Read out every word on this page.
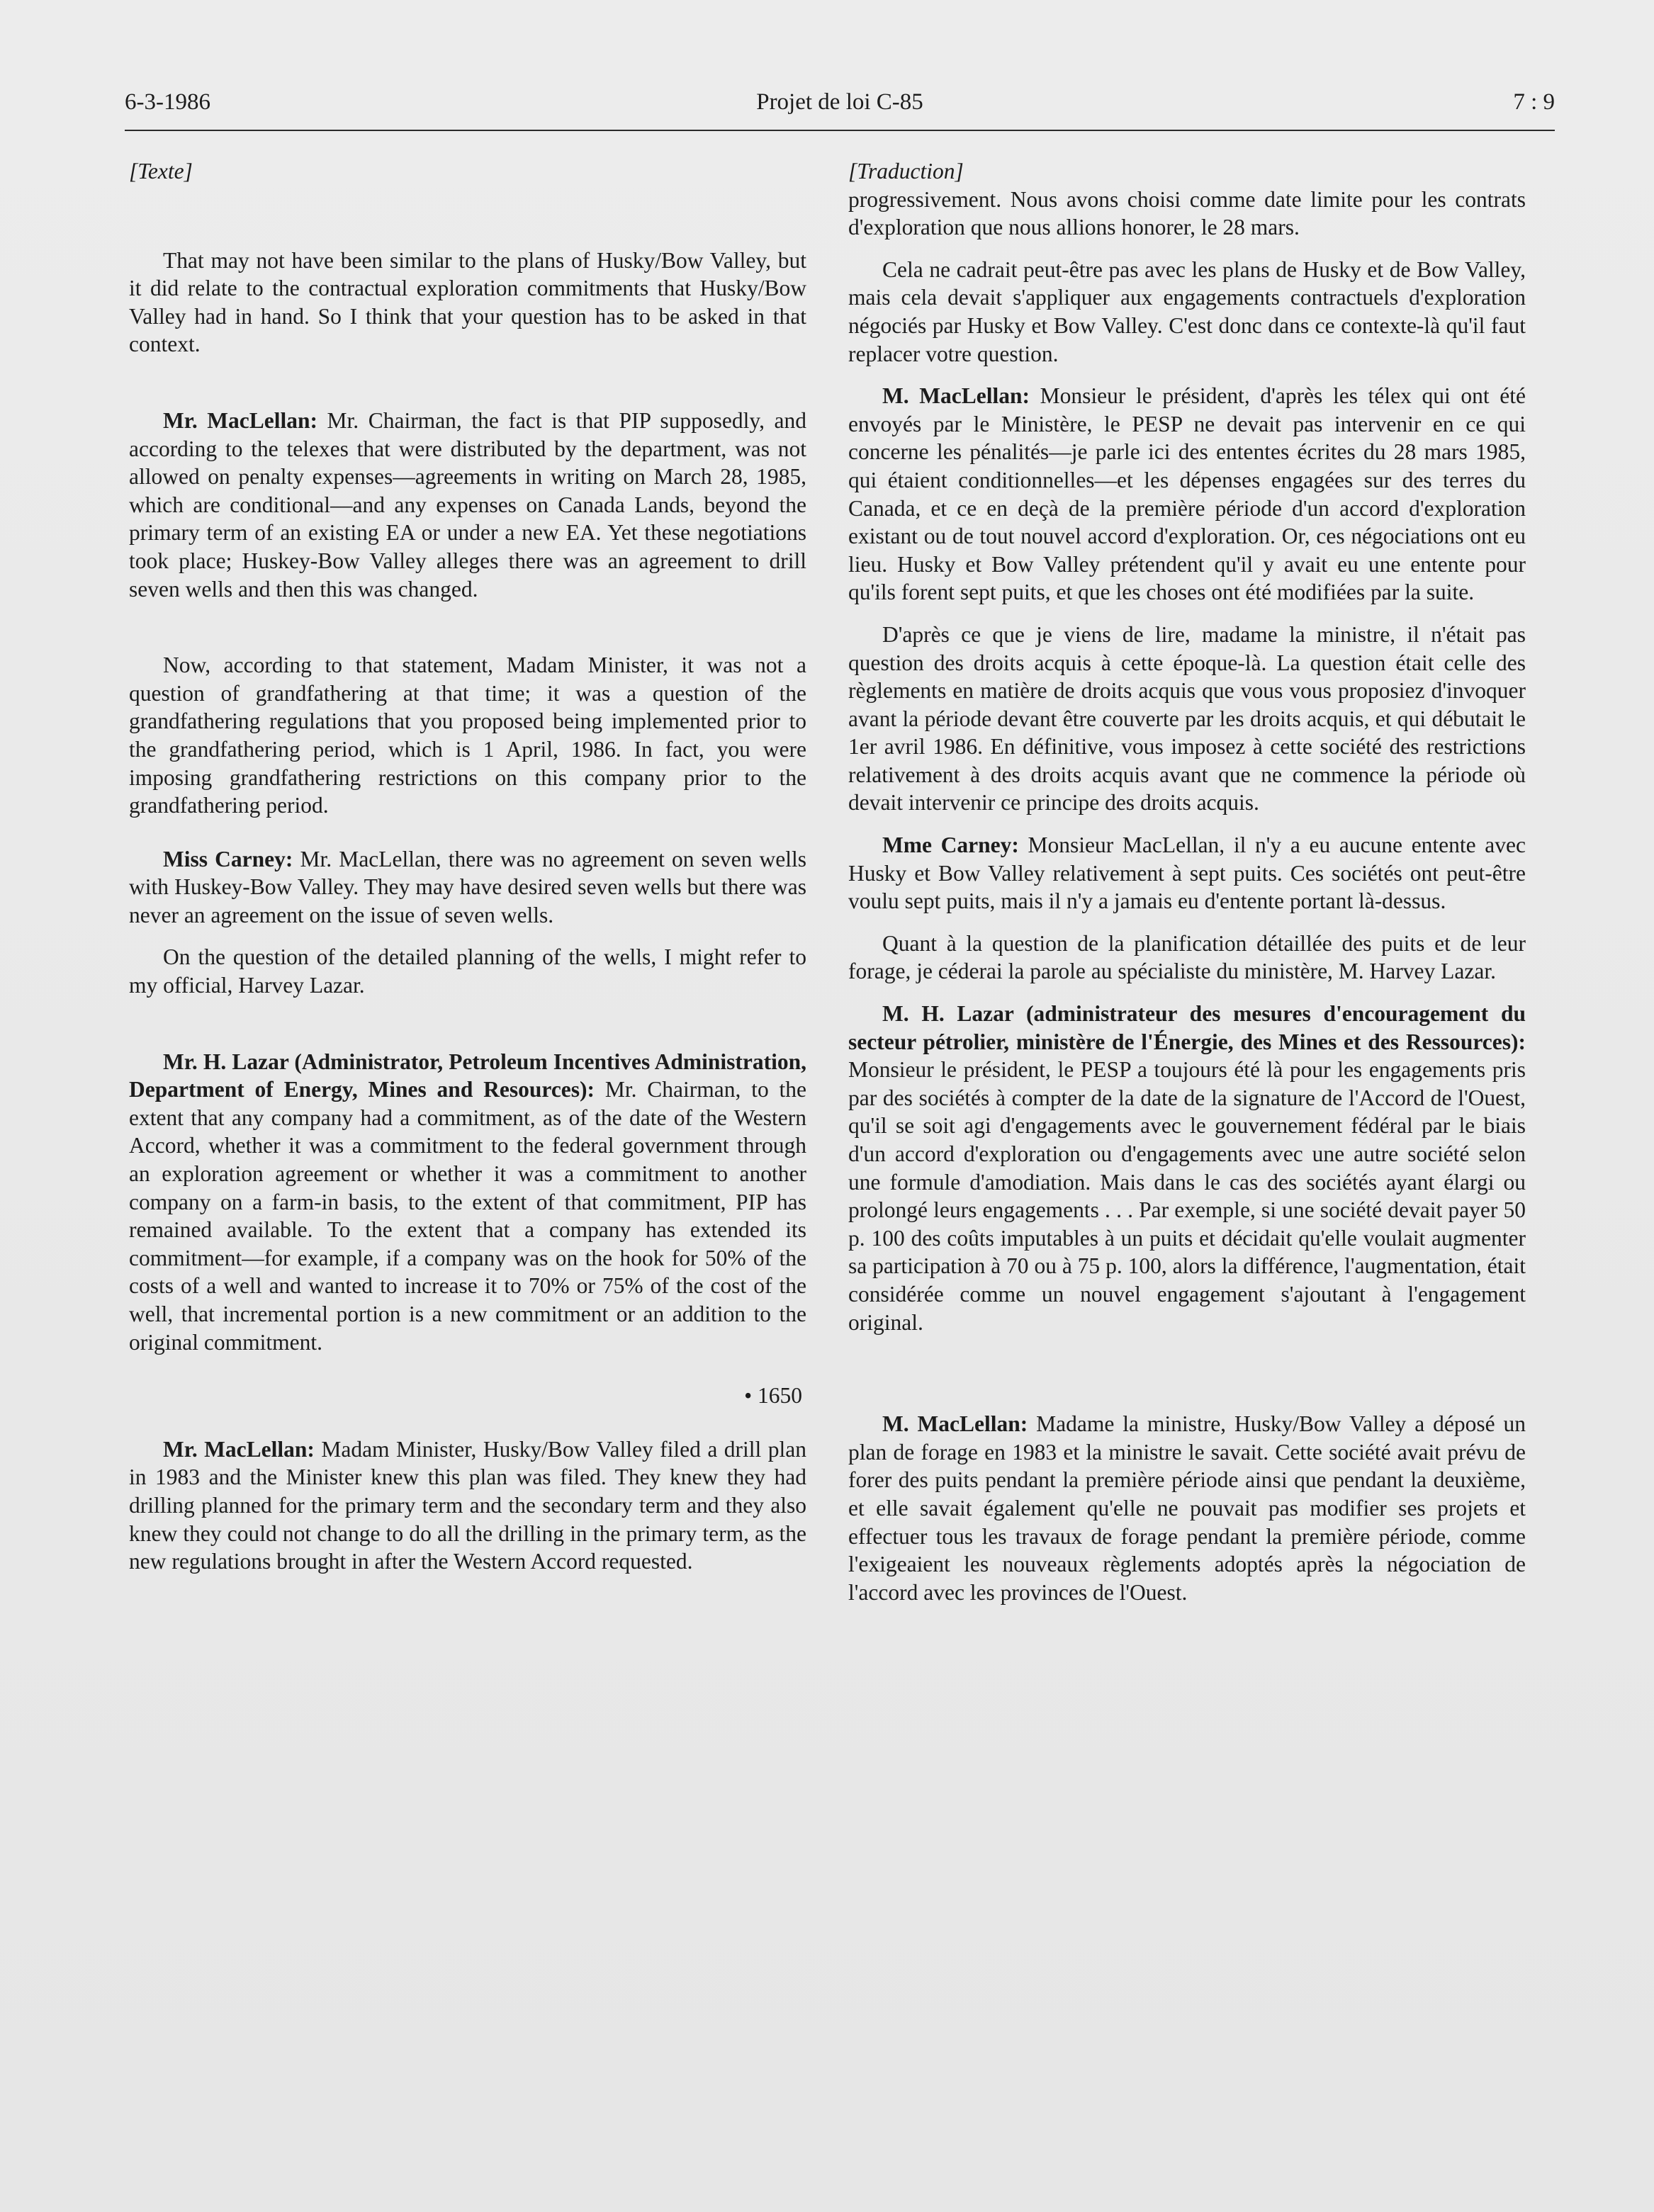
6-3-1986	Projet de loi C-85	7 : 9

[Texte]

That may not have been similar to the plans of Husky/Bow Valley, but it did relate to the contractual exploration commitments that Husky/Bow Valley had in hand. So I think that your question has to be asked in that context.

Mr. MacLellan: Mr. Chairman, the fact is that PIP supposedly, and according to the telexes that were distributed by the department, was not allowed on penalty expenses—agreements in writing on March 28, 1985, which are conditional—and any expenses on Canada Lands, beyond the primary term of an existing EA or under a new EA. Yet these negotiations took place; Huskey-Bow Valley alleges there was an agreement to drill seven wells and then this was changed.

Now, according to that statement, Madam Minister, it was not a question of grandfathering at that time; it was a question of the grandfathering regulations that you proposed being implemented prior to the grandfathering period, which is 1 April, 1986. In fact, you were imposing grandfathering restrictions on this company prior to the grandfathering period.

Miss Carney: Mr. MacLellan, there was no agreement on seven wells with Huskey-Bow Valley. They may have desired seven wells but there was never an agreement on the issue of seven wells.

On the question of the detailed planning of the wells, I might refer to my official, Harvey Lazar.

Mr. H. Lazar (Administrator, Petroleum Incentives Administration, Department of Energy, Mines and Resources): Mr. Chairman, to the extent that any company had a commitment, as of the date of the Western Accord, whether it was a commitment to the federal government through an exploration agreement or whether it was a commitment to another company on a farm-in basis, to the extent of that commitment, PIP has remained available. To the extent that a company has extended its commitment—for example, if a company was on the hook for 50% of the costs of a well and wanted to increase it to 70% or 75% of the cost of the well, that incremental portion is a new commitment or an addition to the original commitment.

• 1650

Mr. MacLellan: Madam Minister, Husky/Bow Valley filed a drill plan in 1983 and the Minister knew this plan was filed. They knew they had drilling planned for the primary term and the secondary term and they also knew they could not change to do all the drilling in the primary term, as the new regulations brought in after the Western Accord requested.

[Traduction]

progressivement. Nous avons choisi comme date limite pour les contrats d'exploration que nous allions honorer, le 28 mars.

Cela ne cadrait peut-être pas avec les plans de Husky et de Bow Valley, mais cela devait s'appliquer aux engagements contractuels d'exploration négociés par Husky et Bow Valley. C'est donc dans ce contexte-là qu'il faut replacer votre question.

M. MacLellan: Monsieur le président, d'après les télex qui ont été envoyés par le Ministère, le PESP ne devait pas intervenir en ce qui concerne les pénalités—je parle ici des ententes écrites du 28 mars 1985, qui étaient conditionnelles—et les dépenses engagées sur des terres du Canada, et ce en deçà de la première période d'un accord d'exploration existant ou de tout nouvel accord d'exploration. Or, ces négociations ont eu lieu. Husky et Bow Valley prétendent qu'il y avait eu une entente pour qu'ils forent sept puits, et que les choses ont été modifiées par la suite.

D'après ce que je viens de lire, madame la ministre, il n'était pas question des droits acquis à cette époque-là. La question était celle des règlements en matière de droits acquis que vous vous proposiez d'invoquer avant la période devant être couverte par les droits acquis, et qui débutait le 1er avril 1986. En définitive, vous imposez à cette société des restrictions relativement à des droits acquis avant que ne commence la période où devait intervenir ce principe des droits acquis.

Mme Carney: Monsieur MacLellan, il n'y a eu aucune entente avec Husky et Bow Valley relativement à sept puits. Ces sociétés ont peut-être voulu sept puits, mais il n'y a jamais eu d'entente portant là-dessus.

Quant à la question de la planification détaillée des puits et de leur forage, je céderai la parole au spécialiste du ministère, M. Harvey Lazar.

M. H. Lazar (administrateur des mesures d'encouragement du secteur pétrolier, ministère de l'Énergie, des Mines et des Ressources): Monsieur le président, le PESP a toujours été là pour les engagements pris par des sociétés à compter de la date de la signature de l'Accord de l'Ouest, qu'il se soit agi d'engagements avec le gouvernement fédéral par le biais d'un accord d'exploration ou d'engagements avec une autre société selon une formule d'amodiation. Mais dans le cas des sociétés ayant élargi ou prolongé leurs engagements . . . Par exemple, si une société devait payer 50 p. 100 des coûts imputables à un puits et décidait qu'elle voulait augmenter sa participation à 70 ou à 75 p. 100, alors la différence, l'augmentation, était considérée comme un nouvel engagement s'ajoutant à l'engagement original.

M. MacLellan: Madame la ministre, Husky/Bow Valley a déposé un plan de forage en 1983 et la ministre le savait. Cette société avait prévu de forer des puits pendant la première période ainsi que pendant la deuxième, et elle savait également qu'elle ne pouvait pas modifier ses projets et effectuer tous les travaux de forage pendant la première période, comme l'exigeaient les nouveaux règlements adoptés après la négociation de l'accord avec les provinces de l'Ouest.
